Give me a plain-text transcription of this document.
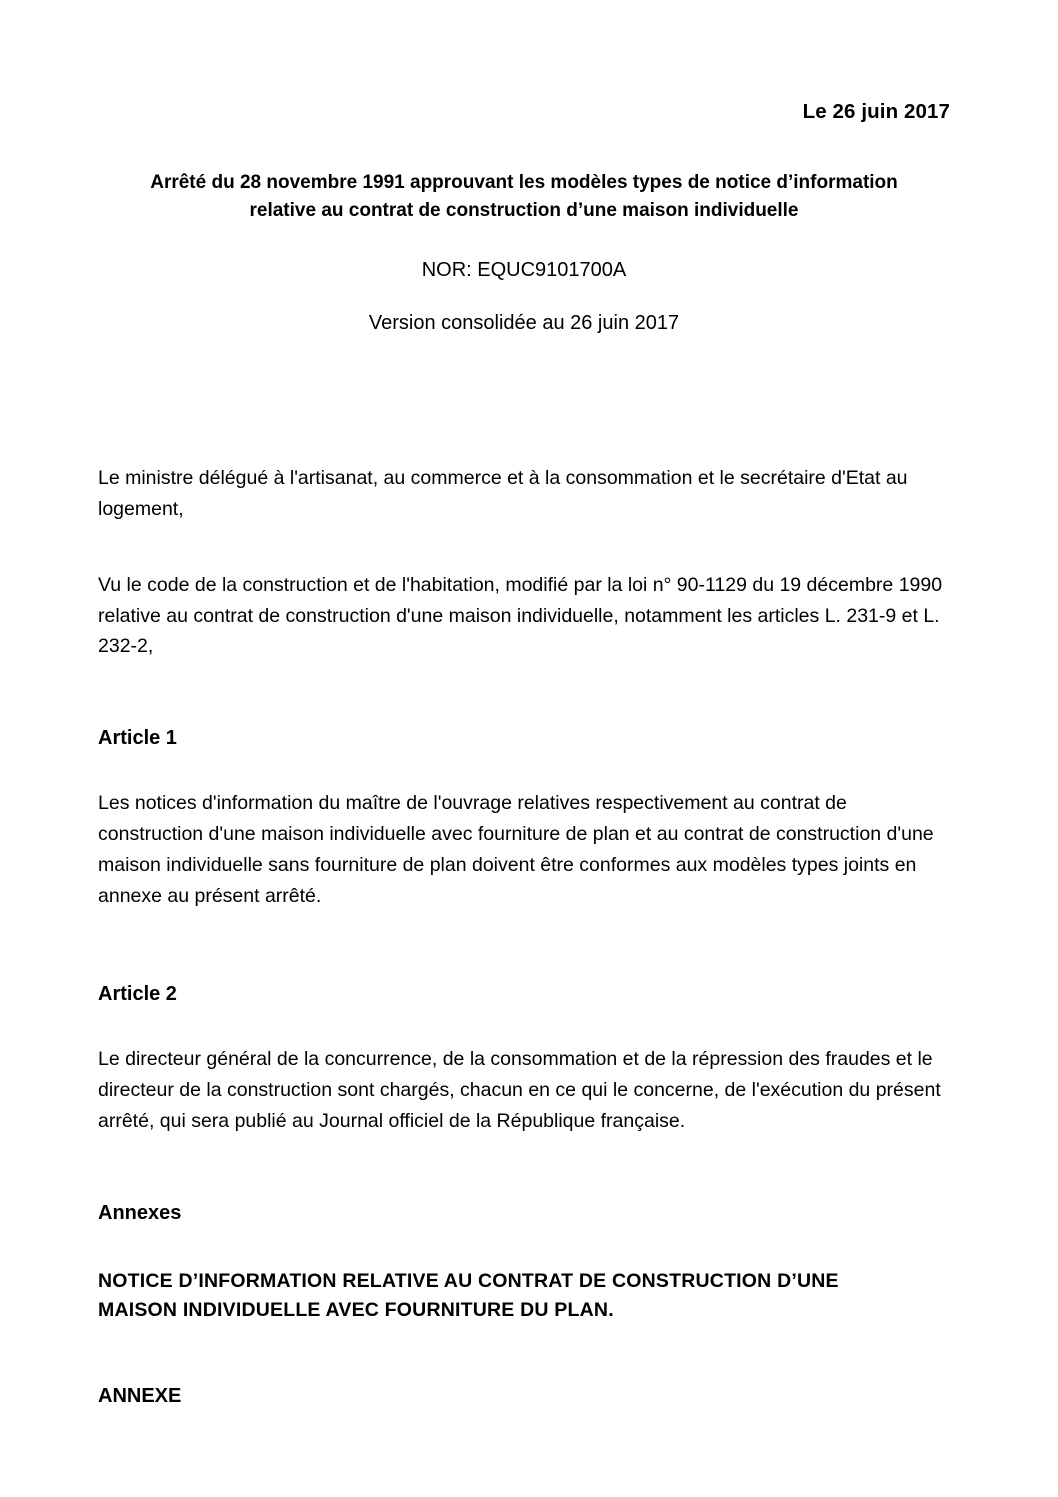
Le 26 juin 2017
Arrêté du 28 novembre 1991 approuvant les modèles types de notice d’information
relative au contrat de construction d’une maison individuelle
NOR: EQUC9101700A
Version consolidée au 26 juin 2017
Le ministre délégué à l'artisanat, au commerce et à la consommation et le secrétaire d'Etat au logement,
Vu le code de la construction et de l'habitation, modifié par la loi n° 90-1129 du 19 décembre 1990 relative au contrat de construction d'une maison individuelle, notamment les articles L. 231-9 et L. 232-2,
Article 1
Les notices d'information du maître de l'ouvrage relatives respectivement au contrat de construction d'une maison individuelle avec fourniture de plan et au contrat de construction d'une maison individuelle sans fourniture de plan doivent être conformes aux modèles types joints en annexe au présent arrêté.
Article 2
Le directeur général de la concurrence, de la consommation et de la répression des fraudes et le directeur de la construction sont chargés, chacun en ce qui le concerne, de l'exécution du présent arrêté, qui sera publié au Journal officiel de la République française.
Annexes
NOTICE D’INFORMATION RELATIVE AU CONTRAT DE CONSTRUCTION D’UNE
MAISON INDIVIDUELLE AVEC FOURNITURE DU PLAN.
ANNEXE
